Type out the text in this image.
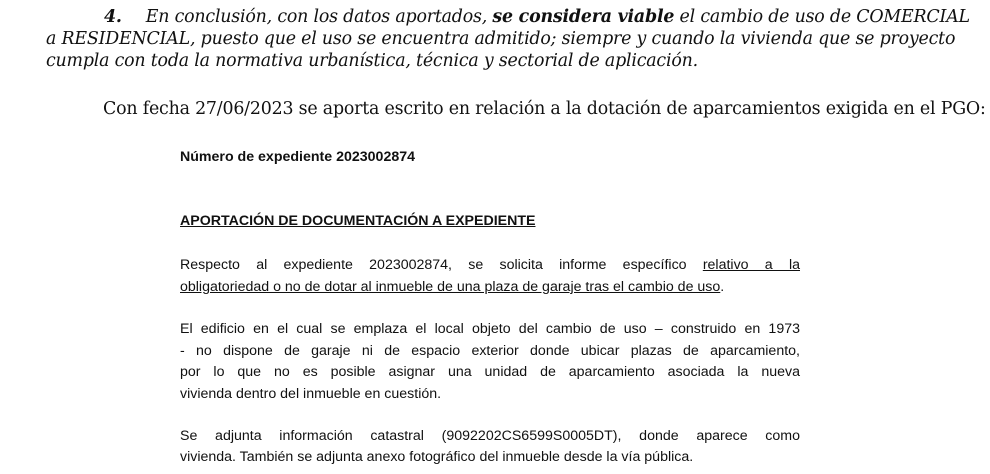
4. En conclusión, con los datos aportados, se considera viable el cambio de uso de COMERCIAL
a RESIDENCIAL, puesto que el uso se encuentra admitido; siempre y cuando la vivienda que se proyecto
cumpla con toda la normativa urbanística, técnica y sectorial de aplicación.
Con fecha 27/06/2023 se aporta escrito en relación a la dotación de aparcamientos exigida en el PGO:
Número de expediente 2023002874
APORTACIÓN DE DOCUMENTACIÓN A EXPEDIENTE
Respecto al expediente 2023002874, se solicita informe específico relativo a la
obligatoriedad o no de dotar al inmueble de una plaza de garaje tras el cambio de uso.
El edificio en el cual se emplaza el local objeto del cambio de uso – construido en 1973
- no dispone de garaje ni de espacio exterior donde ubicar plazas de aparcamiento,
por lo que no es posible asignar una unidad de aparcamiento asociada la nueva
vivienda dentro del inmueble en cuestión.
Se adjunta información catastral (9092202CS6599S0005DT), donde aparece como
vivienda. También se adjunta anexo fotográfico del inmueble desde la vía pública.
